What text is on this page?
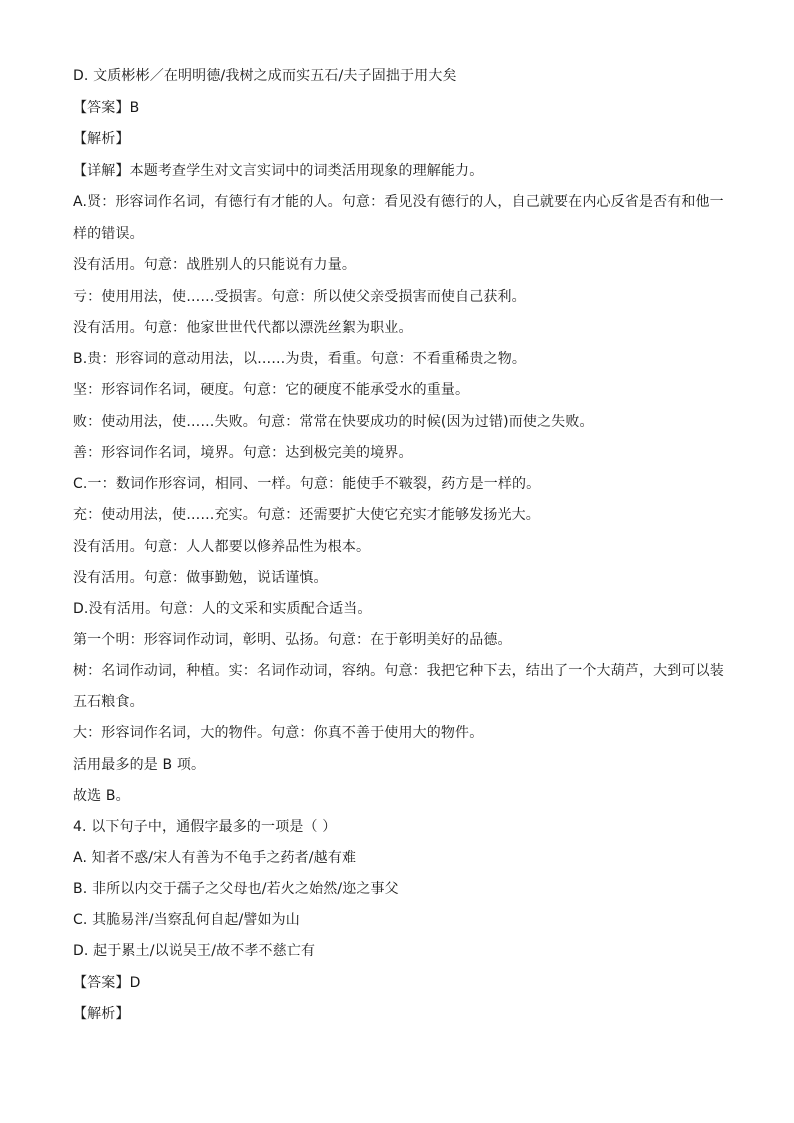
D. 文质彬彬／在明明德/我树之成而实五石/夫子固拙于用大矣
【答案】B
【解析】
【详解】本题考查学生对文言实词中的词类活用现象的理解能力。
A.贤：形容词作名词，有德行有才能的人。句意：看见没有德行的人，自己就要在内心反省是否有和他一
样的错误。
没有活用。句意：战胜别人的只能说有力量。
亏：使用用法，使……受损害。句意：所以使父亲受损害而使自己获利。
没有活用。句意：他家世世代代都以漂洗丝絮为职业。
B.贵：形容词的意动用法，以……为贵，看重。句意：不看重稀贵之物。
坚：形容词作名词，硬度。句意：它的硬度不能承受水的重量。
败：使动用法，使……失败。句意：常常在快要成功的时候(因为过错)而使之失败。
善：形容词作名词，境界。句意：达到极完美的境界。
C.一：数词作形容词，相同、一样。句意：能使手不皲裂，药方是一样的。
充：使动用法，使……充实。句意：还需要扩大使它充实才能够发扬光大。
没有活用。句意：人人都要以修养品性为根本。
没有活用。句意：做事勤勉，说话谨慎。
D.没有活用。句意：人的文采和实质配合适当。
第一个明：形容词作动词，彰明、弘扬。句意：在于彰明美好的品德。
树：名词作动词，种植。实：名词作动词，容纳。句意：我把它种下去，结出了一个大葫芦，大到可以装
五石粮食。
大：形容词作名词，大的物件。句意：你真不善于使用大的物件。
活用最多的是 B 项。
故选 B。
4. 以下句子中，通假字最多的一项是（ ）
A. 知者不惑/宋人有善为不龟手之药者/越有难
B. 非所以内交于孺子之父母也/若火之始然/迩之事父
C. 其脆易泮/当察乱何自起/譬如为山
D. 起于累土/以说吴王/故不孝不慈亡有
【答案】D
【解析】
